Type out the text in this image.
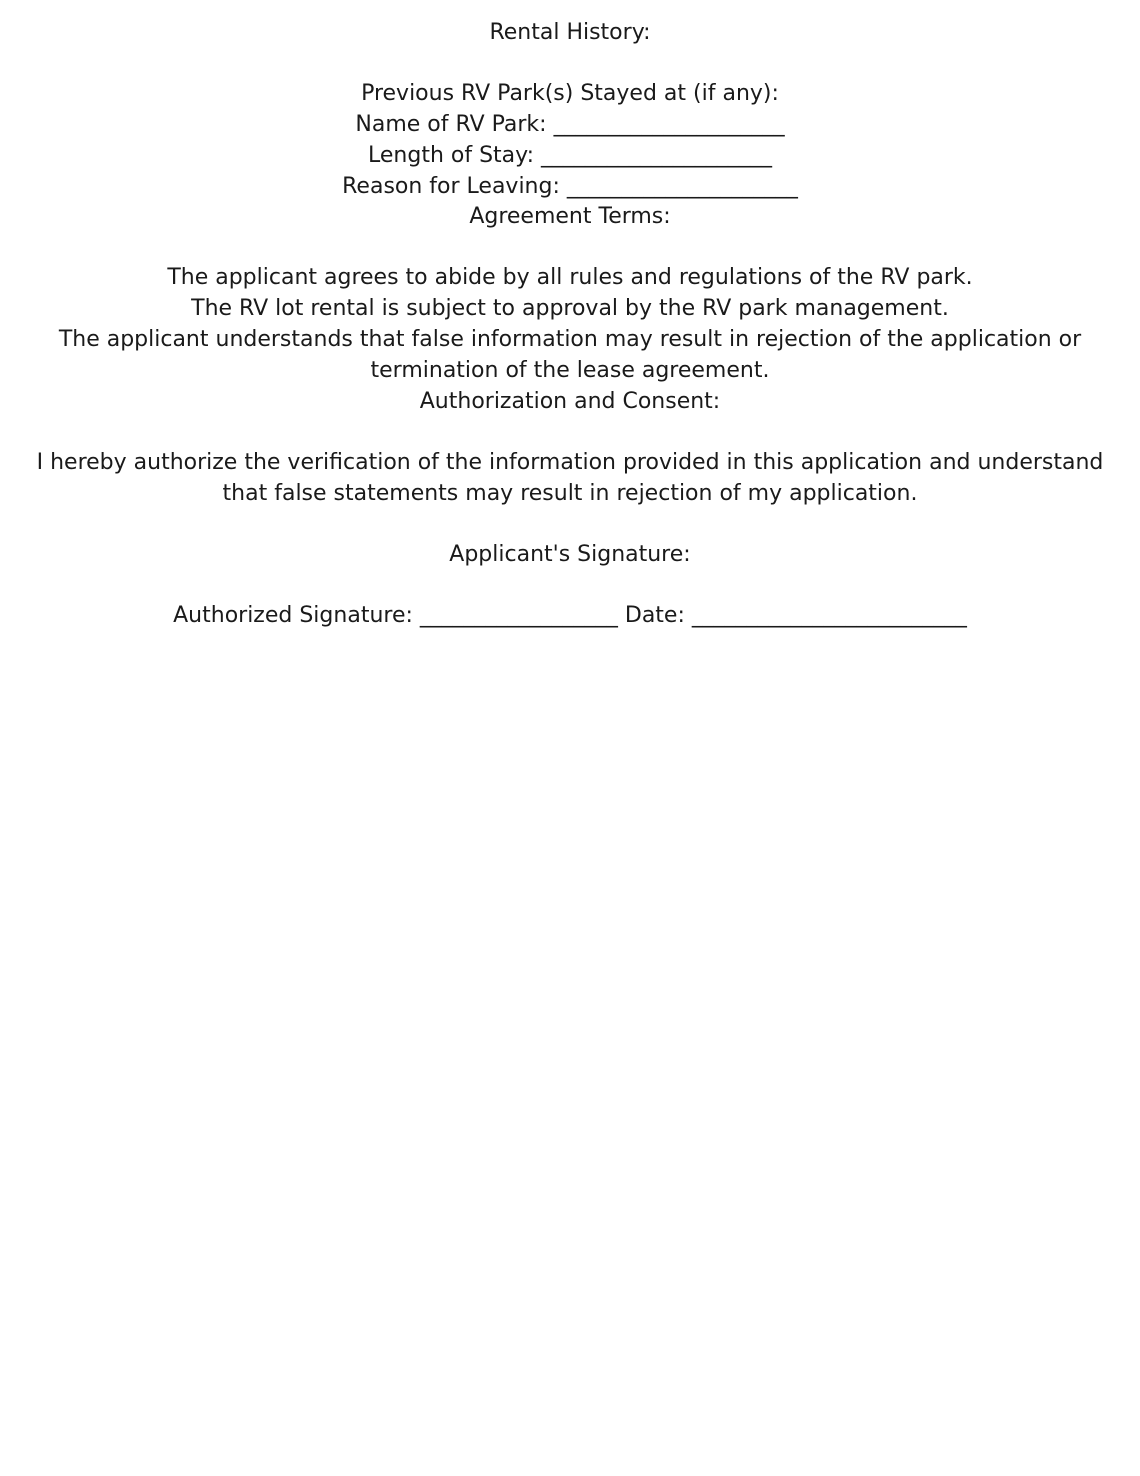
Rental History:
Previous RV Park(s) Stayed at (if any):
Name of RV Park: _____________________
Length of Stay: _____________________
Reason for Leaving: _____________________
Agreement Terms:
The applicant agrees to abide by all rules and regulations of the RV park.
The RV lot rental is subject to approval by the RV park management.
The applicant understands that false information may result in rejection of the application or
termination of the lease agreement.
Authorization and Consent:
I hereby authorize the verification of the information provided in this application and understand
that false statements may result in rejection of my application.
Applicant's Signature:
Authorized Signature: __________________ Date: _________________________
